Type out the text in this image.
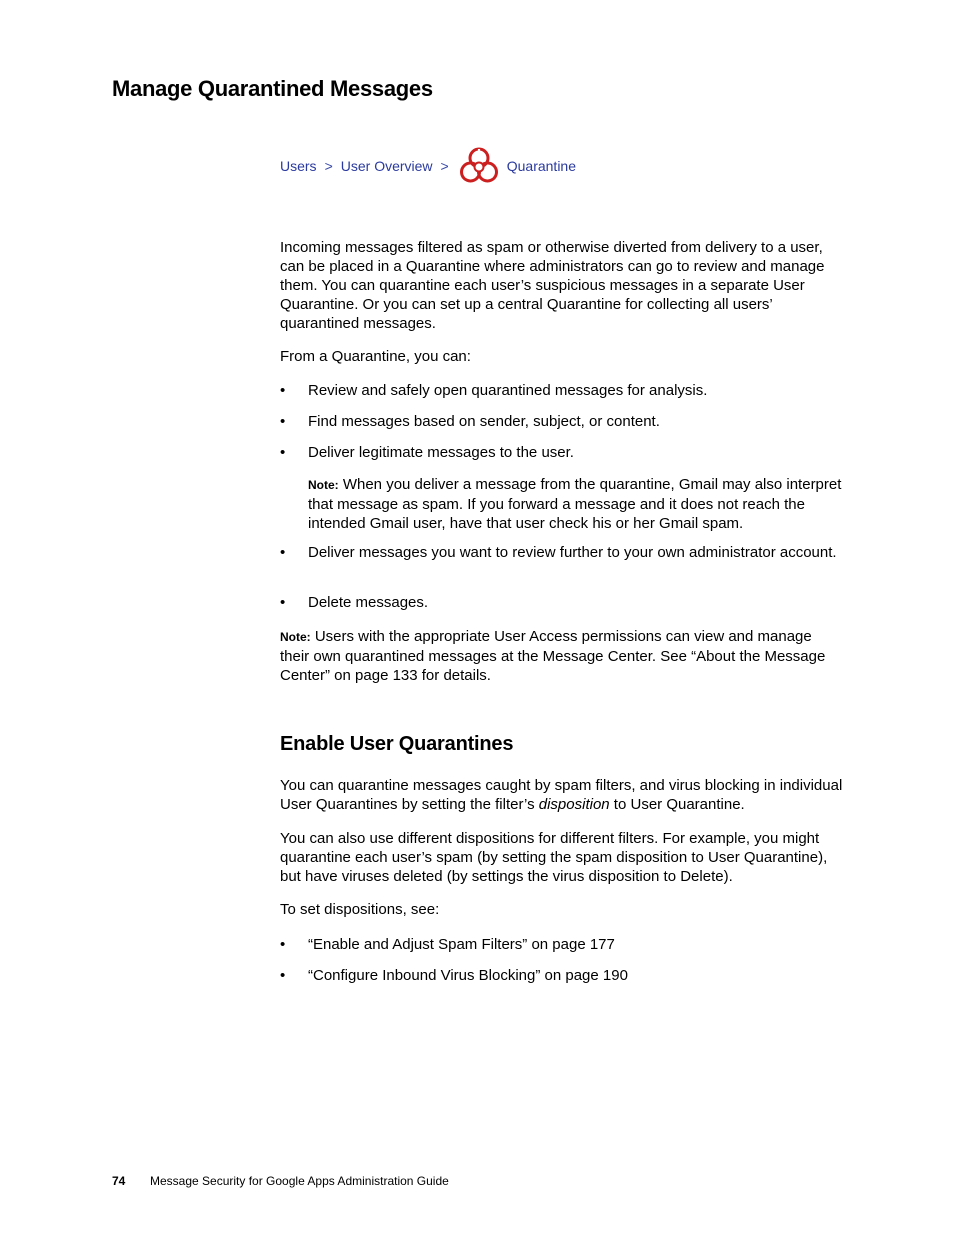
Manage Quarantined Messages
Users > User Overview >	Quarantine

Incoming messages filtered as spam or otherwise diverted from delivery to a user, can be placed in a Quarantine where administrators can go to review and manage them. You can quarantine each user’s suspicious messages in a separate User Quarantine. Or you can set up a central Quarantine for collecting all users’ quarantined messages.

From a Quarantine, you can:

• Review and safely open quarantined messages for analysis.
• Find messages based on sender, subject, or content.
• Deliver legitimate messages to the user.

Note: When you deliver a message from the quarantine, Gmail may also interpret that message as spam. If you forward a message and it does not reach the intended Gmail user, have that user check his or her Gmail spam.

• Deliver messages you want to review further to your own administrator account.
• Delete messages.

Note: Users with the appropriate User Access permissions can view and manage their own quarantined messages at the Message Center. See “About the Message Center” on page 133 for details.

Enable User Quarantines

You can quarantine messages caught by spam filters, and virus blocking in individual User Quarantines by setting the filter’s disposition to User Quarantine.

You can also use different dispositions for different filters. For example, you might quarantine each user’s spam (by setting the spam disposition to User Quarantine), but have viruses deleted (by settings the virus disposition to Delete).

To set dispositions, see:

• “Enable and Adjust Spam Filters” on page 177
• “Configure Inbound Virus Blocking” on page 190
74 Message Security for Google Apps Administration Guide
